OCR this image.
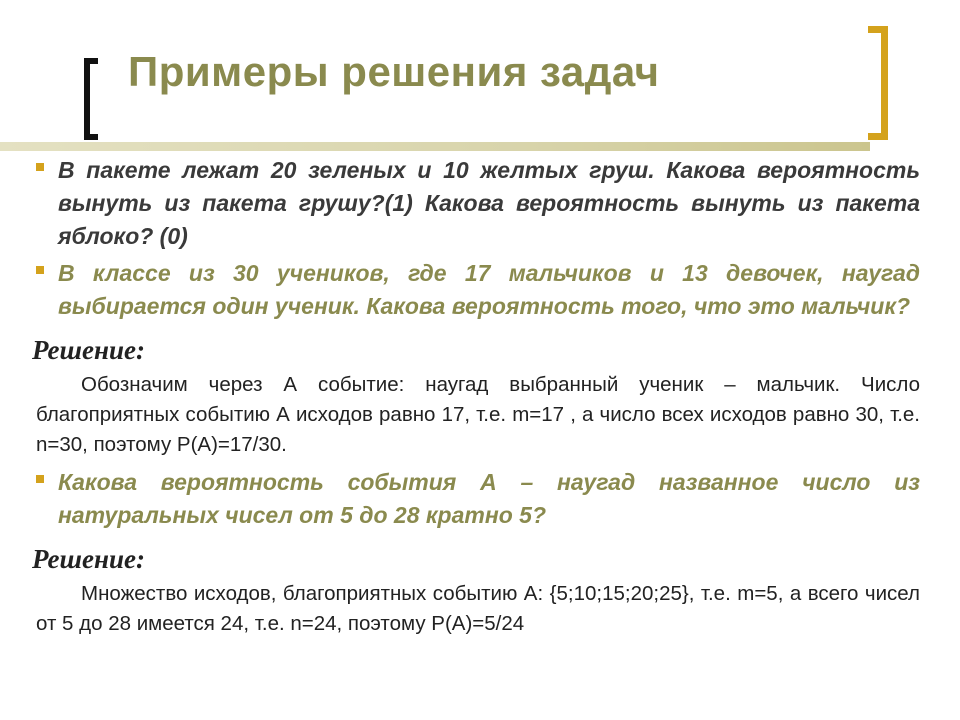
Примеры решения задач
В пакете лежат 20 зеленых и 10 желтых груш. Какова вероятность вынуть из пакета грушу?(1) Какова вероятность вынуть из пакета яблоко? (0)
В классе из 30 учеников, где 17 мальчиков и 13 девочек, наугад выбирается один ученик. Какова вероятность того, что это мальчик?
Решение:
Обозначим через А событие: наугад выбранный ученик – мальчик. Число благоприятных событию А исходов равно 17, т.е. m=17 , а число всех исходов равно 30, т.е. n=30, поэтому P(A)=17/30.
Какова вероятность события А – наугад названное число из натуральных чисел от 5 до 28 кратно 5?
Решение:
Множество исходов, благоприятных событию А: {5;10;15;20;25}, т.е. m=5, а всего чисел от 5 до 28 имеется 24, т.е. n=24, поэтому P(A)=5/24
